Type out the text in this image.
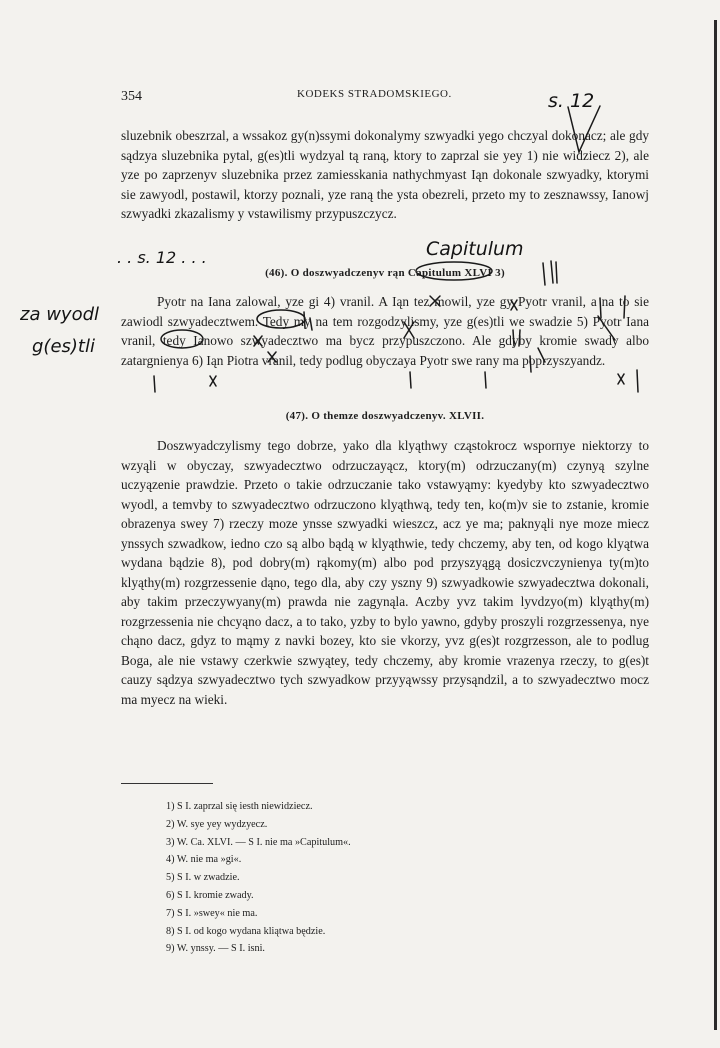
354	KODEKS STRADOMSKIEGO.

sluzebnik obeszrzal, a wssakoz gy(n)ssymi dokonalymy szwyadki yego chczyal dokonacz; ale gdy sądzya sluzebnika pytal, g(es)tli wydzyal tą raną, ktory to zaprzal sie yey 1) nie widziecz 2), ale yze po zaprzenyv sluzebnika przez zamiesskania nathychmyast Iąn dokonale szwyadky, ktorymi sie zawyodl, postawil, ktorzy poznali, yze raną the ysta obezreli, przeto my to zesznawssy, Ianowj szwyadki zkazalismy y vstawilismy przypuszczycz.

(46). O doszwyadczenyv rąn Capitulum XLVI 3)

Pyotr na Iana zalowal, yze gi 4) vranil. A Iąn tez mowil, yze gy Pyotr vranil, a na to sie zawiodl szwyadecztwem. Tedy my na tem rozgodzylismy, yze g(es)tli we swadzie 5) Pyotr Iana vranil, tedy Ianowo szwyadecztwo ma bycz przypuszczono. Ale gdyby kromie swady albo zatargnienya 6) Iąn Piotra vranil, tedy podlug obyczaya Pyotr swe rany ma poprzyszyandz.

(47). O themze doszwyadczenyv. XLVII.

Doszwyadczylismy tego dobrze, yako dla klyąthwy cząstokrocz wsporпye niektorzy to wzyąli w obyczay, szwyadecztwo odrzuczayącz, ktory(m) odrzuczany(m) czynyą szylne uczyązenie prawdzie. Przeto o takie odrzuczanie tako vstawyąmy: kyedyby kto szwyadecztwo wyodl, a temvby to szwyadecztwo odrzuczono klyąthwą, tedy ten, ko(m)v sie to zstanie, kromie obrazenya swey 7) rzeczy moze ynsse szwyadki wieszcz, acz ye ma; paknyąli nye moze miecz ynssych szwadkow, iedno czo są albo bądą w klyąthwie, tedy chczemy, aby ten, od kogo klyątwa wydana bądzie 8), pod dobry(m) rąkomy(m) albo pod przyszyągą dosiczvczynienya ty(m)to klyąthy(m) rozgrzessenie dąno, tego dla, aby czy yszny 9) szwyadkowie szwyadecztwa dokonali, aby takim przeczywyany(m) prawda nie zagynąla. Aczby yvz takim lyvdzyo(m) klyąthy(m) rozgrzessenia nie chcyąno dacz, a to tako, yzby to bylo yawno, gdyby proszyli rozgrzessenya, nye chąno dacz, gdyz to mąmy z navki bozey, kto sie vkorzy, yvz g(es)t rozgrzesson, ale to podlug Boga, ale nie vstawy czerkwie szwyątey, tedy chczemy, aby kromie vrazenya rzeczy, to g(es)t cauzy sądzya szwyadecztwo tych szwyadkow przyyąwssy przysąndzil, a to szwyadecztwo mocz ma myecz na wieki.

1) S I. zaprzal się iesth niewidziecz.
2) W. sye yey wydzyecz.
3) W. Ca. XLVI. — S I. nie ma »Capitulum«.
4) W. nie ma »gi«.
5) S I. w zwadzie.
6) S I. kromie zwady.
7) S I. »swey« nie ma.
8) S I. od kogo wydana kliątwa będzie.
9) W. ynssy. — S I. isni.
s. 12
za wyodl
g(es)tli
. . s. 12 . . .	Capitulum
